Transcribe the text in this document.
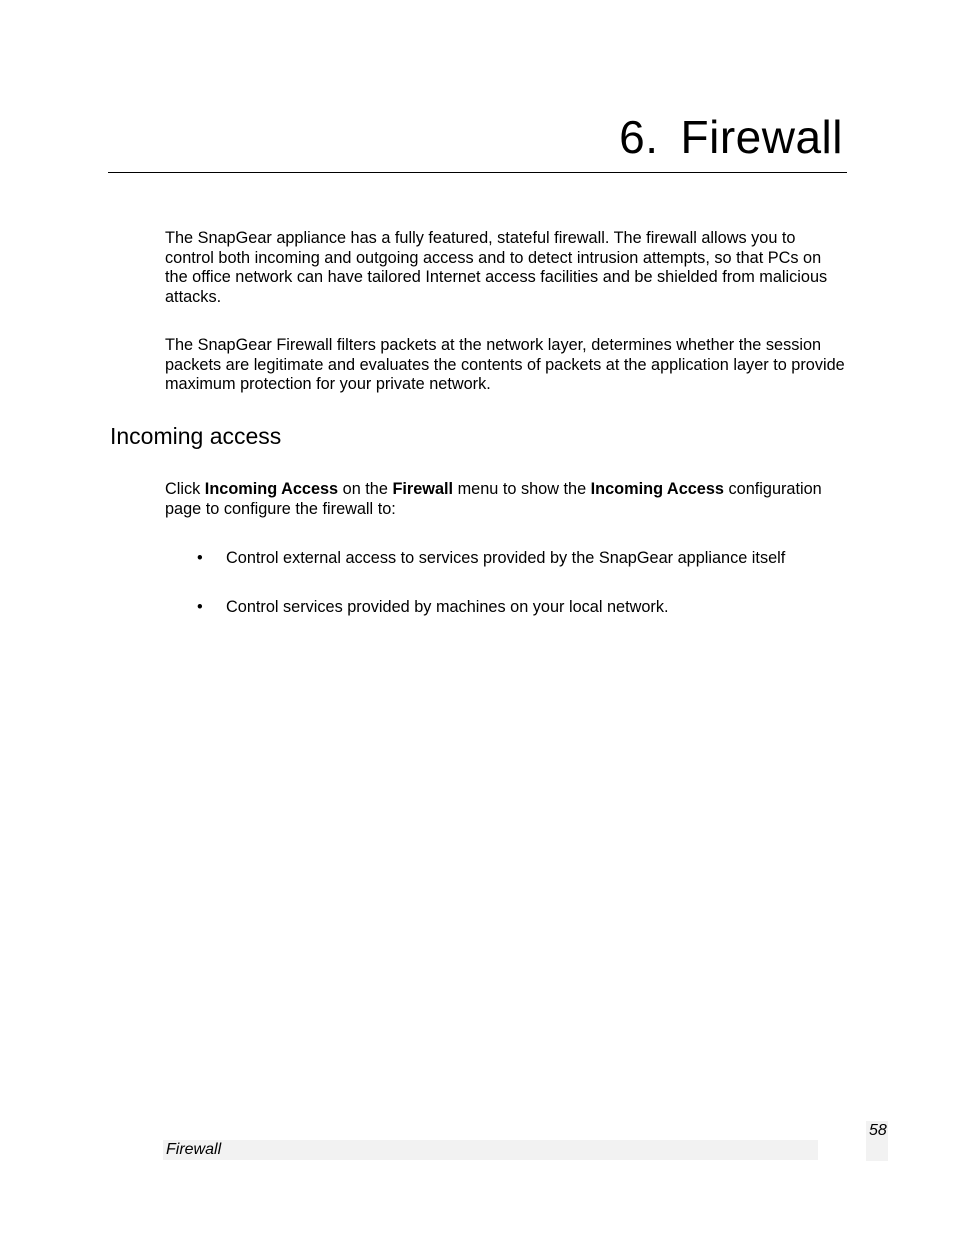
6. Firewall

The SnapGear appliance has a fully featured, stateful firewall. The firewall allows you to control both incoming and outgoing access and to detect intrusion attempts, so that PCs on the office network can have tailored Internet access facilities and be shielded from malicious attacks.

The SnapGear Firewall filters packets at the network layer, determines whether the session packets are legitimate and evaluates the contents of packets at the application layer to provide maximum protection for your private network.

Incoming access

Click Incoming Access on the Firewall menu to show the Incoming Access configuration page to configure the firewall to:

• Control external access to services provided by the SnapGear appliance itself
• Control services provided by machines on your local network.
Firewall
58
